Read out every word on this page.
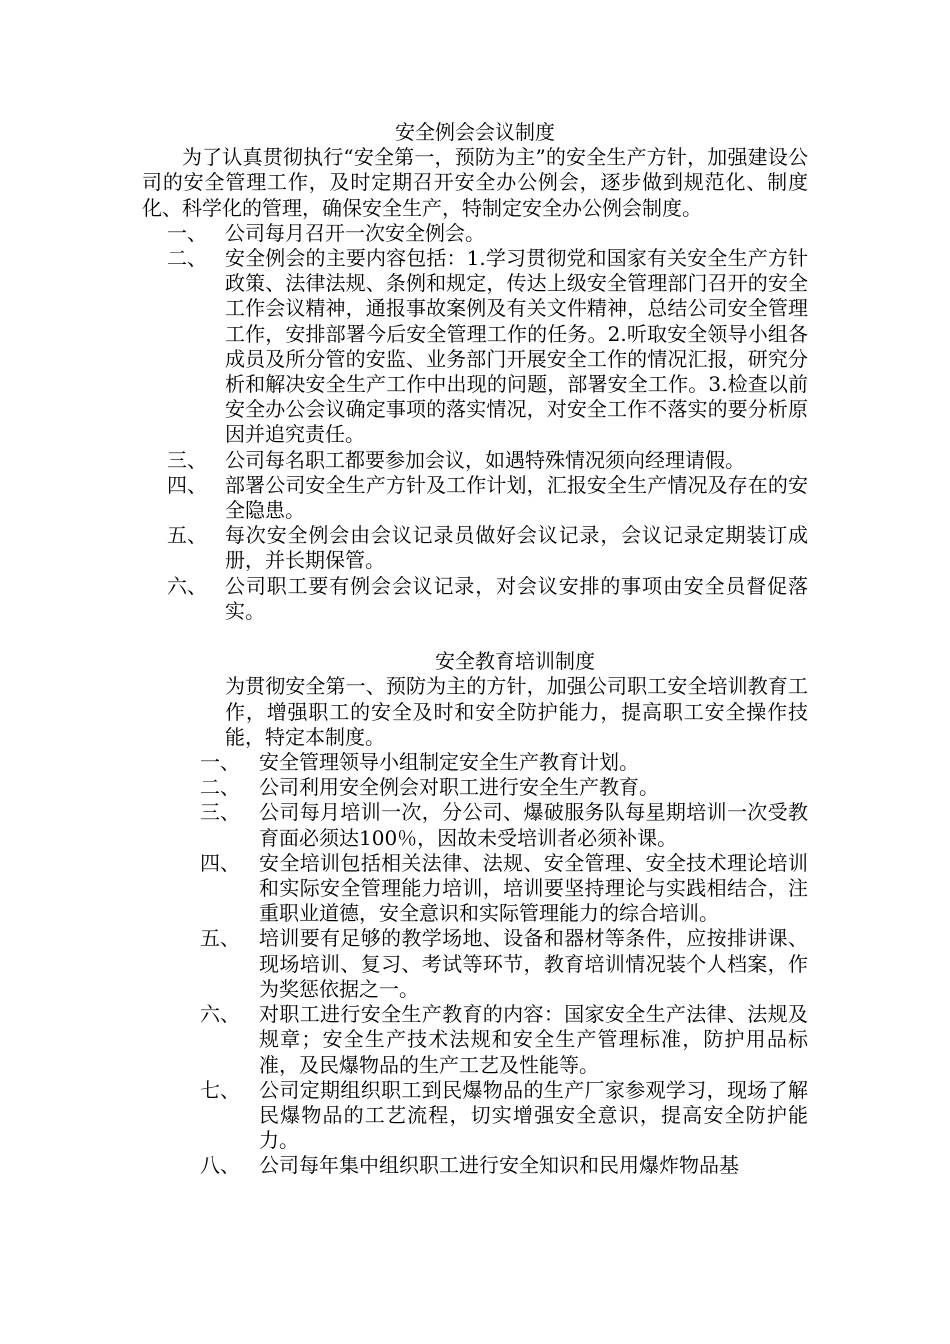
安全例会会议制度

为了认真贯彻执行“安全第一，预防为主”的安全生产方针，加强建设公司的安全管理工作，及时定期召开安全办公例会，逐步做到规范化、制度化、科学化的管理，确保安全生产，特制定安全办公例会制度。

一、 公司每月召开一次安全例会。
二、 安全例会的主要内容包括：1.学习贯彻党和国家有关安全生产方针政策、法律法规、条例和规定，传达上级安全管理部门召开的安全工作会议精神，通报事故案例及有关文件精神，总结公司安全管理工作，安排部署今后安全管理工作的任务。2.听取安全领导小组各成员及所分管的安监、业务部门开展安全工作的情况汇报，研究分析和解决安全生产工作中出现的问题，部署安全工作。3.检查以前安全办公会议确定事项的落实情况，对安全工作不落实的要分析原因并追究责任。
三、 公司每名职工都要参加会议，如遇特殊情况须向经理请假。
四、 部署公司安全生产方针及工作计划，汇报安全生产情况及存在的安全隐患。
五、 每次安全例会由会议记录员做好会议记录，会议记录定期装订成册，并长期保管。
六、 公司职工要有例会会议记录，对会议安排的事项由安全员督促落实。

安全教育培训制度

为贯彻安全第一、预防为主的方针，加强公司职工安全培训教育工作，增强职工的安全及时和安全防护能力，提高职工安全操作技能，特定本制度。

一、 安全管理领导小组制定安全生产教育计划。
二、 公司利用安全例会对职工进行安全生产教育。
三、 公司每月培训一次，分公司、爆破服务队每星期培训一次受教育面必须达100％，因故未受培训者必须补课。
四、 安全培训包括相关法律、法规、安全管理、安全技术理论培训和实际安全管理能力培训，培训要坚持理论与实践相结合，注重职业道德，安全意识和实际管理能力的综合培训。
五、 培训要有足够的教学场地、设备和器材等条件，应按排讲课、现场培训、复习、考试等环节，教育培训情况装个人档案，作为奖惩依据之一。
六、 对职工进行安全生产教育的内容：国家安全生产法律、法规及规章；安全生产技术法规和安全生产管理标准，防护用品标准，及民爆物品的生产工艺及性能等。
七、 公司定期组织职工到民爆物品的生产厂家参观学习，现场了解民爆物品的工艺流程，切实增强安全意识，提高安全防护能力。
八、 公司每年集中组织职工进行安全知识和民用爆炸物品基
